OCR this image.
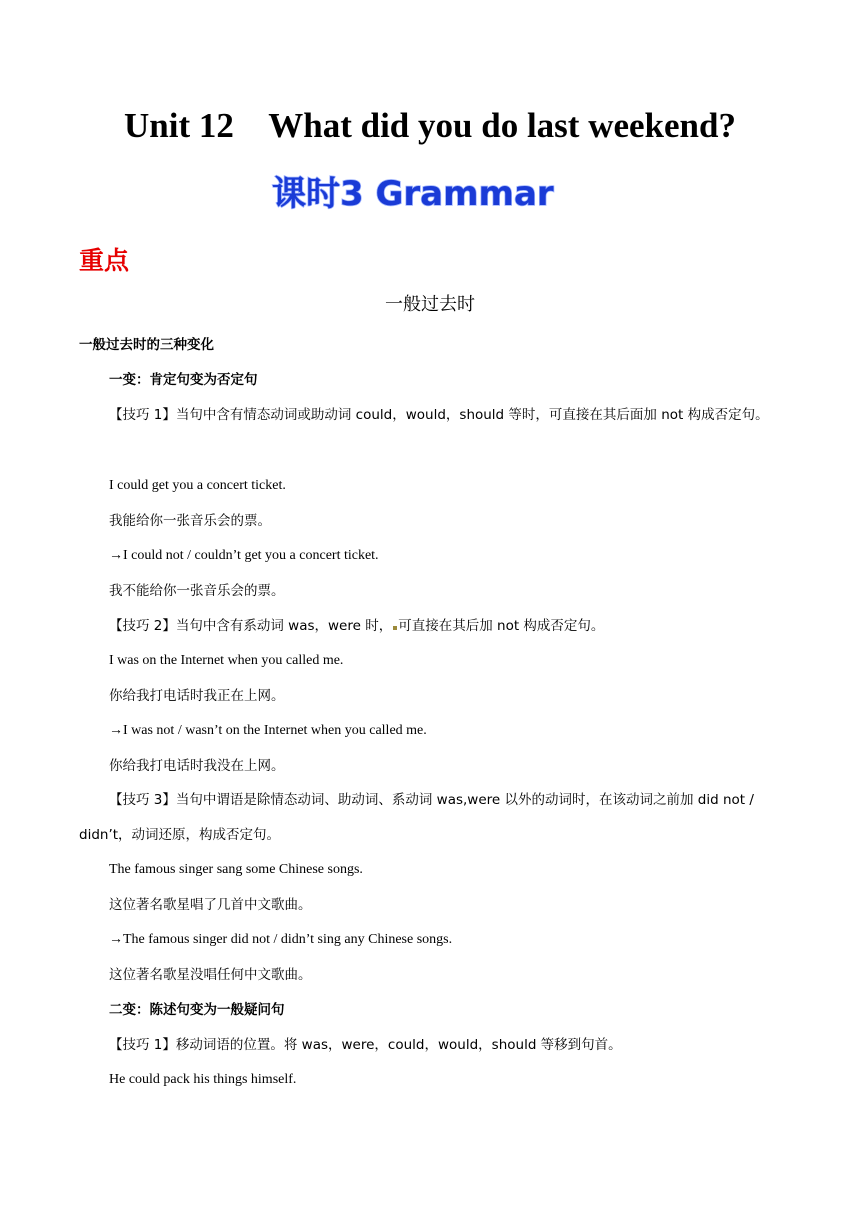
Unit 12    What did you do last weekend?
课时3 Grammar
重点
一般过去时
一般过去时的三种变化
一变：肯定句变为否定句
【技巧 1】当句中含有情态动词或助动词 could，would，should 等时，可直接在其后面加 not 构成否定句。
I could get you a concert ticket.
我能给你一张音乐会的票。
→I could not / couldn’t get you a concert ticket.
我不能给你一张音乐会的票。
【技巧 2】当句中含有系动词 was，were 时， 可直接在其后加 not 构成否定句。
I was on the Internet when you called me.
你给我打电话时我正在上网。
→I was not / wasn’t on the Internet when you called me.
你给我打电话时我没在上网。
【技巧 3】当句中谓语是除情态动词、助动词、系动词 was,were 以外的动词时，在该动词之前加 did not / didn’t，动词还原，构成否定句。
The famous singer sang some Chinese songs.
这位著名歌星唱了几首中文歌曲。
→The famous singer did not / didn’t sing any Chinese songs.
这位著名歌星没唱任何中文歌曲。
二变：陈述句变为一般疑问句
【技巧 1】移动词语的位置。将 was，were，could，would，should 等移到句首。
He could pack his things himself.
